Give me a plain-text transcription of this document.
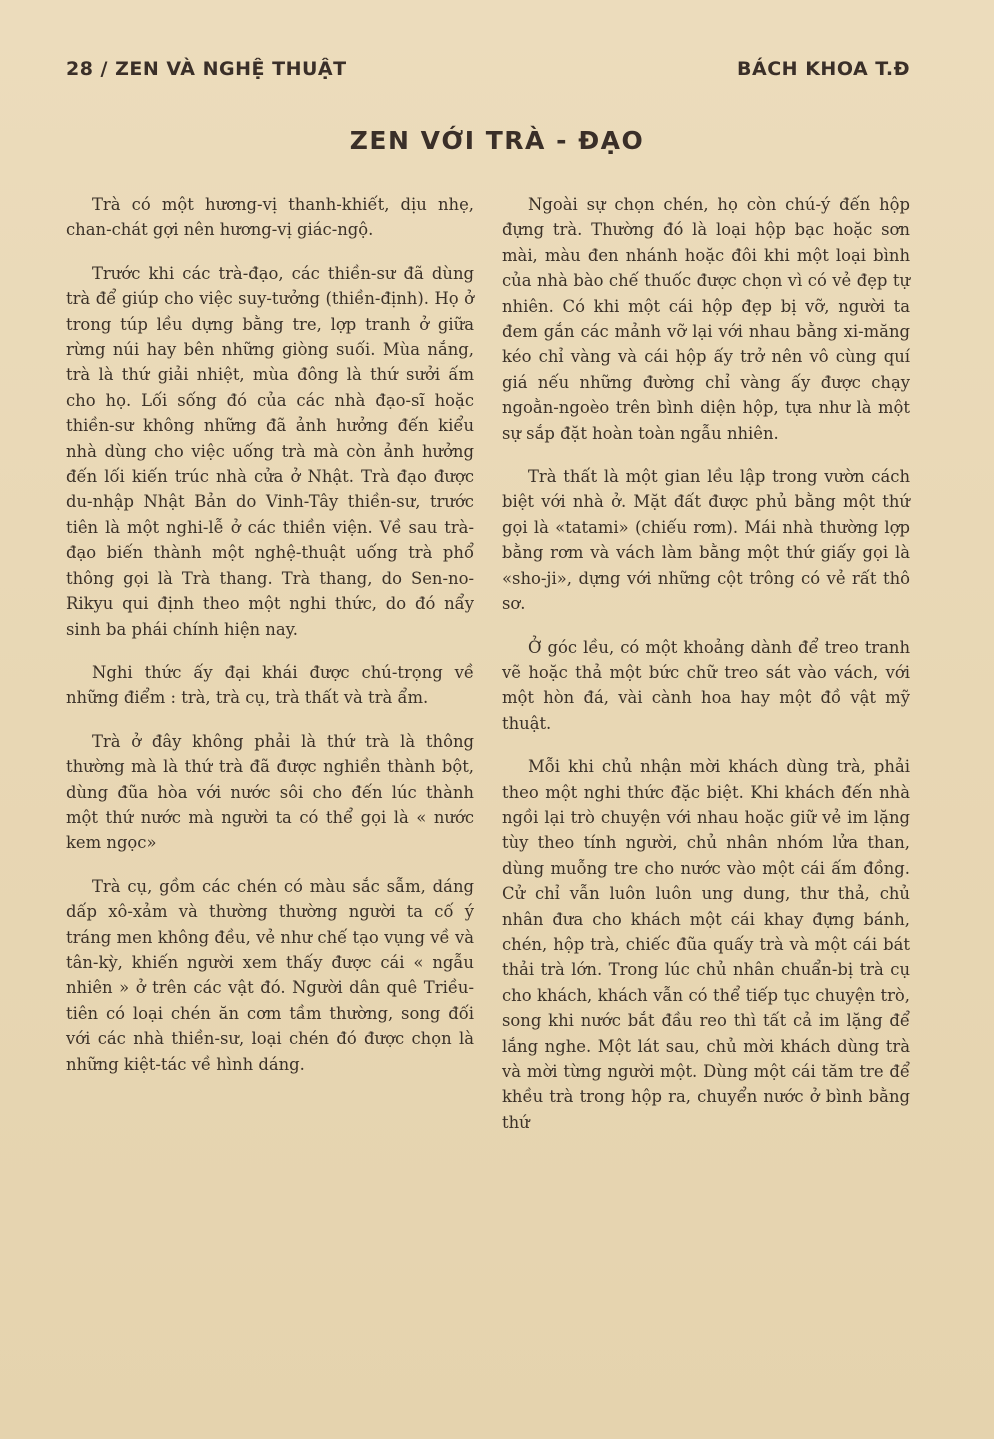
28 / ZEN VÀ NGHỆ THUẬT	BÁCH KHOA T.Đ
ZEN VỚI TRÀ - ĐẠO

Trà có một hương-vị thanh-khiết, dịu nhẹ, chan-chát gợi nên hương-vị giác-ngộ.

Trước khi các trà-đạo, các thiền-sư đã dùng trà để giúp cho việc suy-tưởng (thiền-định). Họ ở trong túp lều dựng bằng tre, lợp tranh ở giữa rừng núi hay bên những giòng suối. Mùa nắng, trà là thứ giải nhiệt, mùa đông là thứ sưởi ấm cho họ. Lối sống đó của các nhà đạo-sĩ hoặc thiền-sư không những đã ảnh hưởng đến kiểu nhà dùng cho việc uống trà mà còn ảnh hưởng đến lối kiến trúc nhà cửa ở Nhật. Trà đạo được du-nhập Nhật Bản do Vinh-Tây thiền-sư, trước tiên là một nghi-lễ ở các thiền viện. Về sau trà-đạo biến thành một nghệ-thuật uống trà phổ thông gọi là Trà thang. Trà thang, do Sen-no-Rikyu qui định theo một nghi thức, do đó nẩy sinh ba phái chính hiện nay.

Nghi thức ấy đại khái được chú-trọng về những điểm : trà, trà cụ, trà thất và trà ẩm.

Trà ở đây không phải là thứ trà là thông thường mà là thứ trà đã được nghiền thành bột, dùng đũa hòa với nước sôi cho đến lúc thành một thứ nước mà người ta có thể gọi là « nước kem ngọc»

Trà cụ, gồm các chén có màu sắc sẫm, dáng dấp xô-xảm và thường thường người ta cố ý tráng men không đều, vẻ như chế tạo vụng về và tân-kỳ, khiến người xem thấy được cái « ngẫu nhiên » ở trên các vật đó. Người dân quê Triều-tiên có loại chén ăn cơm tầm thường, song đối với các nhà thiền-sư, loại chén đó được chọn là những kiệt-tác về hình dáng.

Ngoài sự chọn chén, họ còn chú-ý đến hộp đựng trà. Thường đó là loại hộp bạc hoặc sơn mài, màu đen nhánh hoặc đôi khi một loại bình của nhà bào chế thuốc được chọn vì có vẻ đẹp tự nhiên. Có khi một cái hộp đẹp bị vỡ, người ta đem gắn các mảnh vỡ lại với nhau bằng xi-măng kéo chỉ vàng và cái hộp ấy trở nên vô cùng quí giá nếu những đường chỉ vàng ấy được chạy ngoằn-ngoèo trên bình diện hộp, tựa như là một sự sắp đặt hoàn toàn ngẫu nhiên.

Trà thất là một gian lều lập trong vườn cách biệt với nhà ở. Mặt đất được phủ bằng một thứ gọi là «tatami» (chiếu rơm). Mái nhà thường lợp bằng rơm và vách làm bằng một thứ giấy gọi là «sho-ji», dựng với những cột trông có vẻ rất thô sơ.

Ở góc lều, có một khoảng dành để treo tranh vẽ hoặc thả một bức chữ treo sát vào vách, với một hòn đá, vài cành hoa hay một đồ vật mỹ thuật.

Mỗi khi chủ nhận mời khách dùng trà, phải theo một nghi thức đặc biệt. Khi khách đến nhà ngồi lại trò chuyện với nhau hoặc giữ vẻ im lặng tùy theo tính người, chủ nhân nhóm lửa than, dùng muỗng tre cho nước vào một cái ấm đồng. Cử chỉ vẫn luôn luôn ung dung, thư thả, chủ nhân đưa cho khách một cái khay đựng bánh, chén, hộp trà, chiếc đũa quấy trà và một cái bát thải trà lớn. Trong lúc chủ nhân chuẩn-bị trà cụ cho khách, khách vẫn có thể tiếp tục chuyện trò, song khi nước bắt đầu reo thì tất cả im lặng để lắng nghe. Một lát sau, chủ mời khách dùng trà và mời từng người một. Dùng một cái tăm tre để khều trà trong hộp ra, chuyển nước ở bình bằng thứ
